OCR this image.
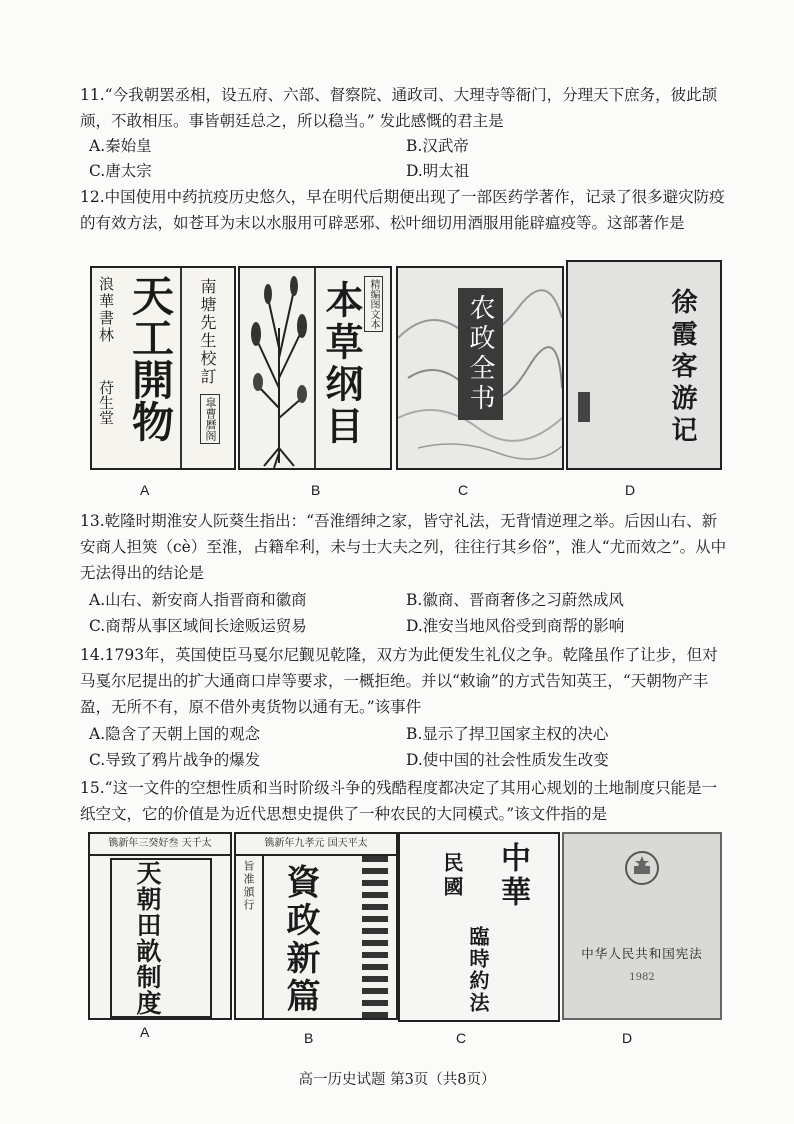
11.“今我朝罢丞相，设五府、六部、督察院、通政司、大理寺等衙门，分理天下庶务，彼此颉颃，不敢相压。事皆朝廷总之，所以稳当。” 发此感慨的君主是
A.秦始皇	B.汉武帝
C.唐太宗	D.明太祖
12.中国使用中药抗疫历史悠久，早在明代后期便出现了一部医药学著作，记录了很多避灾防疫的有效方法，如苍耳为末以水服用可辟恶邪、松叶细切用酒服用能辟瘟疫等。这部著作是
浪華書林
苻生堂 天工開物 南塘先生校訂
皐曹曆阁
A
精编图文本
本草纲目
B
农政全书
C
徐霞客游记
D
13.乾隆时期淮安人阮葵生指出：“吾淮缙绅之家，皆守礼法，无背情逆理之举。后因山右、新安商人担筴（cè）至淮，占籍牟利，未与士大夫之列，往往行其乡俗”，淮人“尤而效之”。从中无法得出的结论是
A.山右、新安商人指晋商和徽商	B.徽商、晋商奢侈之习蔚然成风
C.商帮从事区域间长途贩运贸易	D.淮安当地风俗受到商帮的影响
14.1793年，英国使臣马戛尔尼觐见乾隆，双方为此便发生礼仪之争。乾隆虽作了让步，但对马戛尔尼提出的扩大通商口岸等要求，一概拒绝。并以“敕谕”的方式告知英王，“天朝物产丰盈，无所不有，原不借外夷货物以通有无。”该事件
A.隐含了天朝上国的观念	B.显示了捍卫国家主权的决心
C.导致了鸦片战争的爆发	D.使中国的社会性质发生改变
15.“这一文件的空想性质和当时阶级斗争的残酷程度都决定了其用心规划的土地制度只能是一纸空文，它的价值是为近代思想史提供了一种农民的大同模式。”该文件指的是
镌新年三癸好叁 天千太
天朝田畝制度
A
镌新年九孝元 国天平太
旨准頒行 資政新篇
B
中華
民國
臨時約法
C
中华人民共和国宪法
1982
D
高一历史试题 第3页（共8页）
